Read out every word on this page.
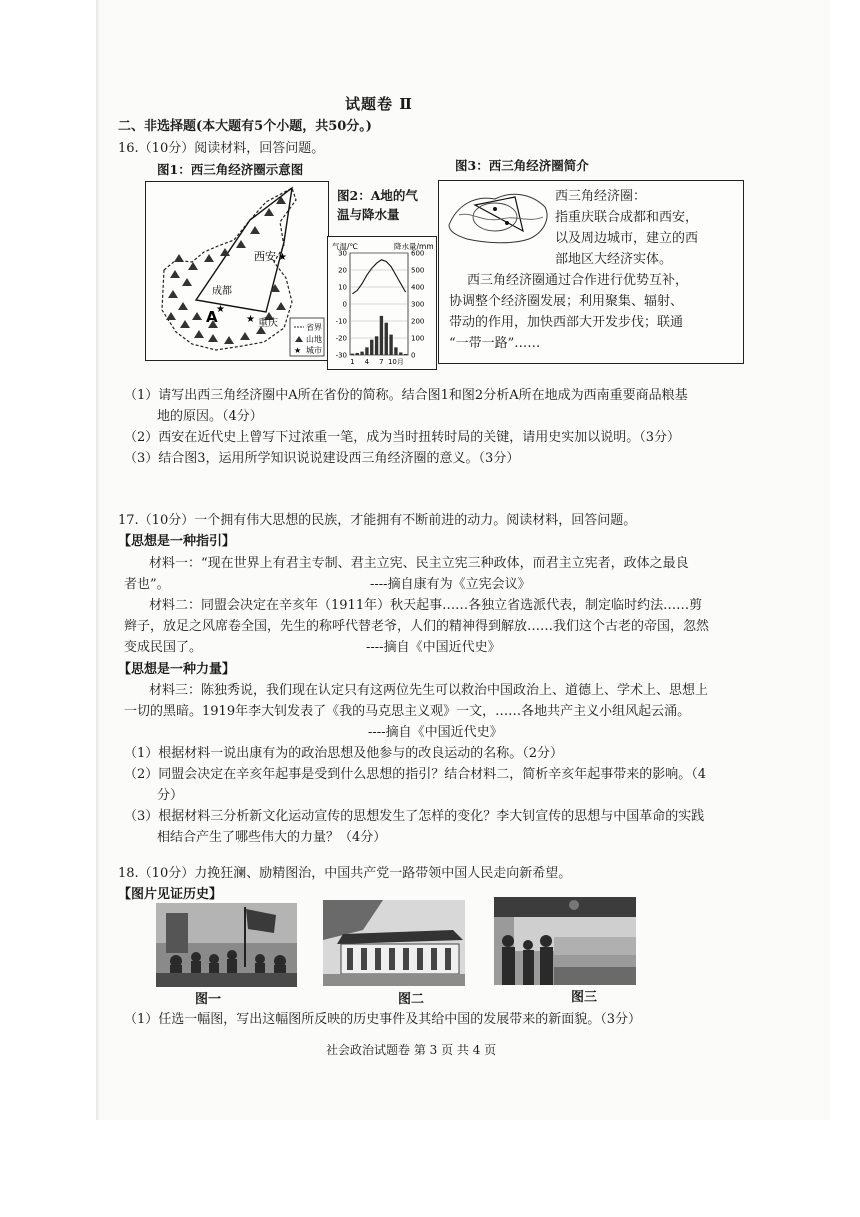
试题卷 Ⅱ
二、非选择题(本大题有5个小题，共50分。)
16.（10分）阅读材料，回答问题。
图1：西三角经济圈示意图
图2：A地的气
温与降水量
图3：西三角经济圈简介
西安 ★
成都
★
A	★ 重庆	省界
山地
★ 城市
气温/℃	降水量/mm
30
20
10
0
-10
-20
-30
600
500
400
300
200
100
0
1 4 7 10月
西三角经济圈：
指重庆联合成都和西安，
以及周边城市，建立的西
部地区大经济实体。
西三角经济圈通过合作进行优势互补，
协调整个经济圈发展；利用聚集、辐射、
带动的作用，加快西部大开发步伐；联通
“一带一路”……
（1）请写出西三角经济圈中A所在省份的简称。结合图1和图2分析A所在地成为西南重要商品粮基
地的原因。（4分）
（2）西安在近代史上曾写下过浓重一笔，成为当时扭转时局的关键，请用史实加以说明。（3分）
（3）结合图3，运用所学知识说说建设西三角经济圈的意义。（3分）
17.（10分）一个拥有伟大思想的民族，才能拥有不断前进的动力。阅读材料，回答问题。
【思想是一种指引】
材料一：“现在世界上有君主专制、君主立宪、民主立宪三种政体，而君主立宪者，政体之最良
者也”。	----摘自康有为《立宪会议》
材料二：同盟会决定在辛亥年（1911年）秋天起事……各独立省选派代表，制定临时约法……剪
辫子，放足之风席卷全国，先生的称呼代替老爷，人们的精神得到解放……我们这个古老的帝国，忽然
变成民国了。	----摘自《中国近代史》
【思想是一种力量】
材料三：陈独秀说，我们现在认定只有这两位先生可以救治中国政治上、道德上、学术上、思想上
一切的黑暗。1919年李大钊发表了《我的马克思主义观》一文，……各地共产主义小组风起云涌。
----摘自《中国近代史》
（1）根据材料一说出康有为的政治思想及他参与的改良运动的名称。（2分）
（2）同盟会决定在辛亥年起事是受到什么思想的指引？结合材料二，简析辛亥年起事带来的影响。（4
分）
（3）根据材料三分析新文化运动宣传的思想发生了怎样的变化？李大钊宣传的思想与中国革命的实践
相结合产生了哪些伟大的力量？（4分）
18.（10分）力挽狂澜、励精图治，中国共产党一路带领中国人民走向新希望。
【图片见证历史】
图一	图二	图三
（1）任选一幅图，写出这幅图所反映的历史事件及其给中国的发展带来的新面貌。（3分）
社会政治试题卷 第 3 页 共 4 页
